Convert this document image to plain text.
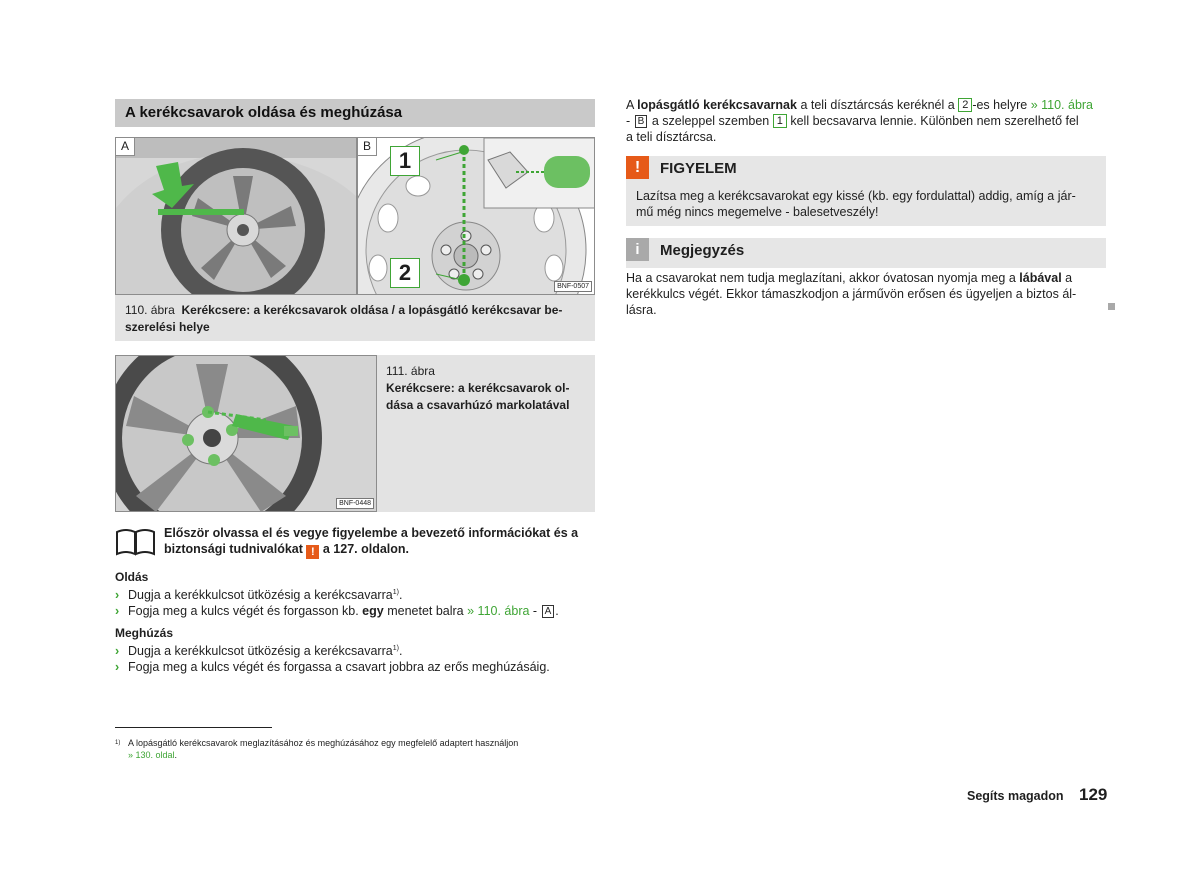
A kerékcsavarok oldása és meghúzása
A	B
1
2
BNF-0507
110. ábra Kerékcsere: a kerékcsavarok oldása / a lopásgátló kerékcsavar be-
szerelési helye
BNF-0448
111. ábra
Kerékcsere: a kerékcsavarok ol-
dása a csavarhúzó markolatával
Először olvassa el és vegye figyelembe a bevezető információkat és a
biztonsági tudnivalókat ! a 127. oldalon.
Oldás
› Dugja a kerékkulcsot ütközésig a kerékcsavarra$^{1)}$.
› Fogja meg a kulcs végét és forgasson kb. egy menetet balra » 110. ábra - A .
Meghúzás
› Dugja a kerékkulcsot ütközésig a kerékcsavarra$^{1)}$.
› Fogja meg a kulcs végét és forgassa a csavart jobbra az erős meghúzásáig.
$^{1)}$ A lopásgátló kerékcsavarok meglazításához és meghúzásához egy megfelelő adaptert használjon
» 130. oldal.
A lopásgátló kerékcsavarnak a teli dísztárcsás keréknél a 2 -es helyre » 110. ábra
- B a szeleppel szemben 1 kell becsavarva lennie. Különben nem szerelhető fel
a teli dísztárcsa.
!	FIGYELEM
Lazítsa meg a kerékcsavarokat egy kissé (kb. egy fordulattal) addig, amíg a jár-
mű még nincs megemelve - balesetveszély!
i	Megjegyzés
Ha a csavarokat nem tudja meglazítani, akkor óvatosan nyomja meg a lábával a
kerékkulcs végét. Ekkor támaszkodjon a járművön erősen és ügyeljen a biztos ál-
lásra.
Segíts magadon 129
